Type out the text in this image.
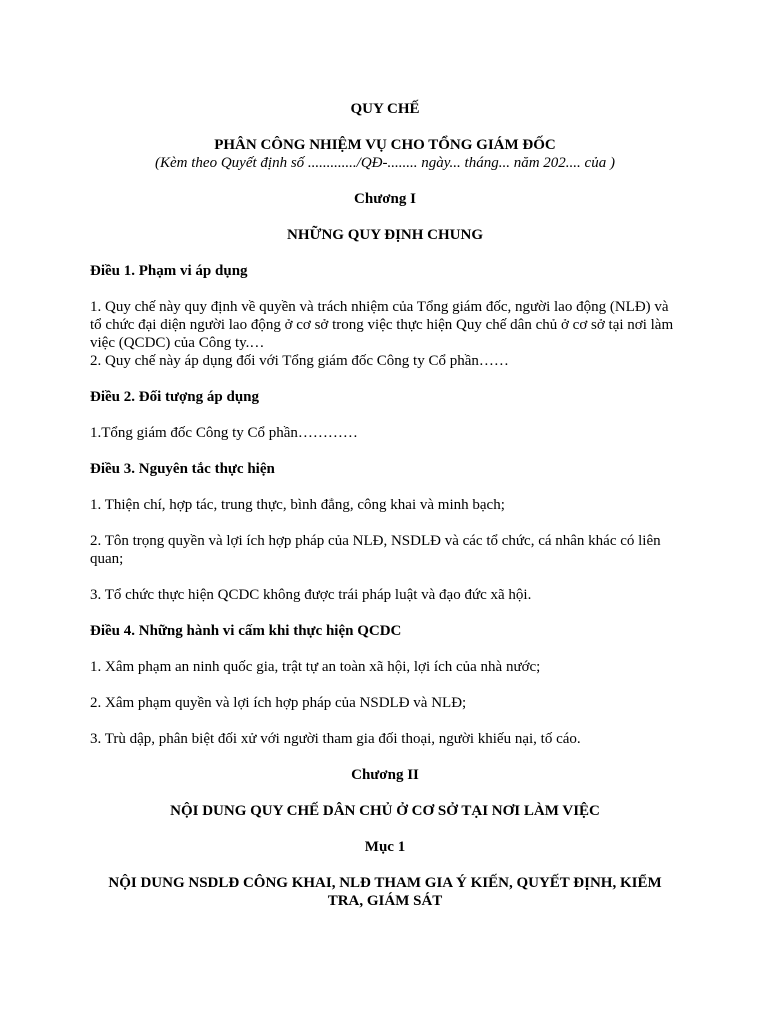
QUY CHẾ

PHÂN CÔNG NHIỆM VỤ CHO TỔNG GIÁM ĐỐC

(Kèm theo Quyết định số ............./QĐ-........ ngày... tháng... năm 202.... của )

Chương I

NHỮNG QUY ĐỊNH CHUNG

Điều 1. Phạm vi áp dụng

1. Quy chế này quy định về quyền và trách nhiệm của Tổng giám đốc, người lao động (NLĐ) và tổ chức đại diện người lao động ở cơ sở trong việc thực hiện Quy chế dân chủ ở cơ sở tại nơi làm việc (QCDC) của Công ty.…

2. Quy chế này áp dụng đối với Tổng giám đốc Công ty Cổ phần……

Điều 2. Đối tượng áp dụng

1.Tổng giám đốc Công ty Cổ phần…………

Điều 3. Nguyên tắc thực hiện

1. Thiện chí, hợp tác, trung thực, bình đẳng, công khai và minh bạch;

2. Tôn trọng quyền và lợi ích hợp pháp của NLĐ, NSDLĐ và các tổ chức, cá nhân khác có liên quan;

3. Tổ chức thực hiện QCDC không được trái pháp luật và đạo đức xã hội.

Điều 4. Những hành vi cấm khi thực hiện QCDC

1. Xâm phạm an ninh quốc gia, trật tự an toàn xã hội, lợi ích của nhà nước;

2. Xâm phạm quyền và lợi ích hợp pháp của NSDLĐ và NLĐ;

3. Trù dập, phân biệt đối xử với người tham gia đối thoại, người khiếu nại, tố cáo.

Chương II

NỘI DUNG QUY CHẾ DÂN CHỦ Ở CƠ SỞ TẠI NƠI LÀM VIỆC

Mục 1

NỘI DUNG NSDLĐ CÔNG KHAI, NLĐ THAM GIA Ý KIẾN, QUYẾT ĐỊNH, KIỂM TRA, GIÁM SÁT
